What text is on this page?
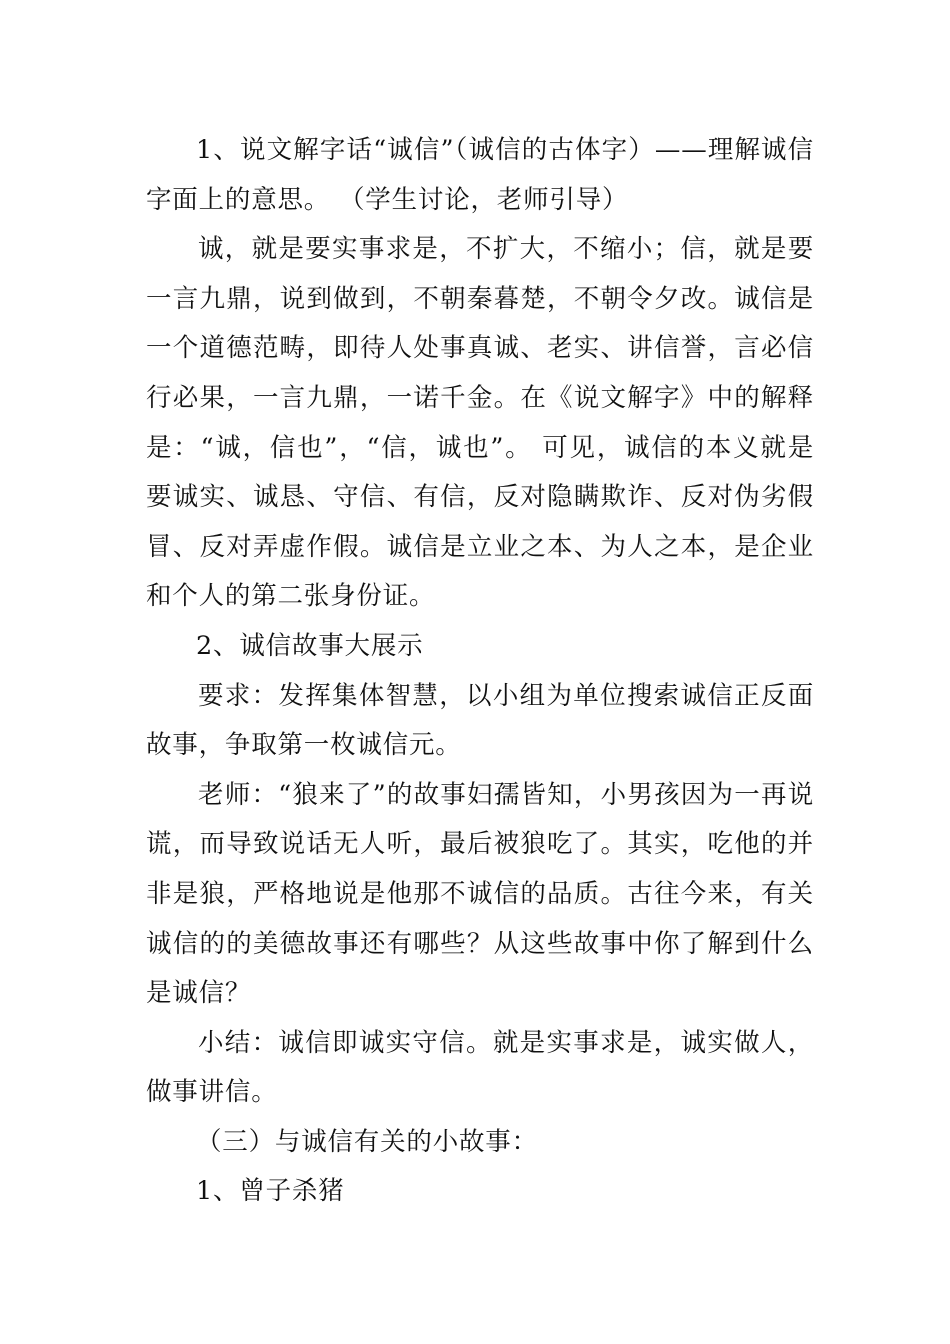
1、说文解字话“诚信”（诚信的古体字）——理解诚信字面上的意思。 （学生讨论，老师引导）

诚，就是要实事求是，不扩大，不缩小；信，就是要一言九鼎，说到做到，不朝秦暮楚，不朝令夕改。诚信是一个道德范畴，即待人处事真诚、老实、讲信誉，言必信行必果，一言九鼎，一诺千金。在《说文解字》中的解释是：“诚，信也”，“信，诚也”。 可见，诚信的本义就是要诚实、诚恳、守信、有信，反对隐瞒欺诈、反对伪劣假冒、反对弄虚作假。诚信是立业之本、为人之本，是企业和个人的第二张身份证。

2、诚信故事大展示

要求：发挥集体智慧，以小组为单位搜索诚信正反面故事，争取第一枚诚信元。

老师：“狼来了”的故事妇孺皆知，小男孩因为一再说谎，而导致说话无人听，最后被狼吃了。其实，吃他的并非是狼，严格地说是他那不诚信的品质。古往今来，有关诚信的的美德故事还有哪些？从这些故事中你了解到什么是诚信？

小结：诚信即诚实守信。就是实事求是，诚实做人，做事讲信。

（三）与诚信有关的小故事：

1、曾子杀猪
